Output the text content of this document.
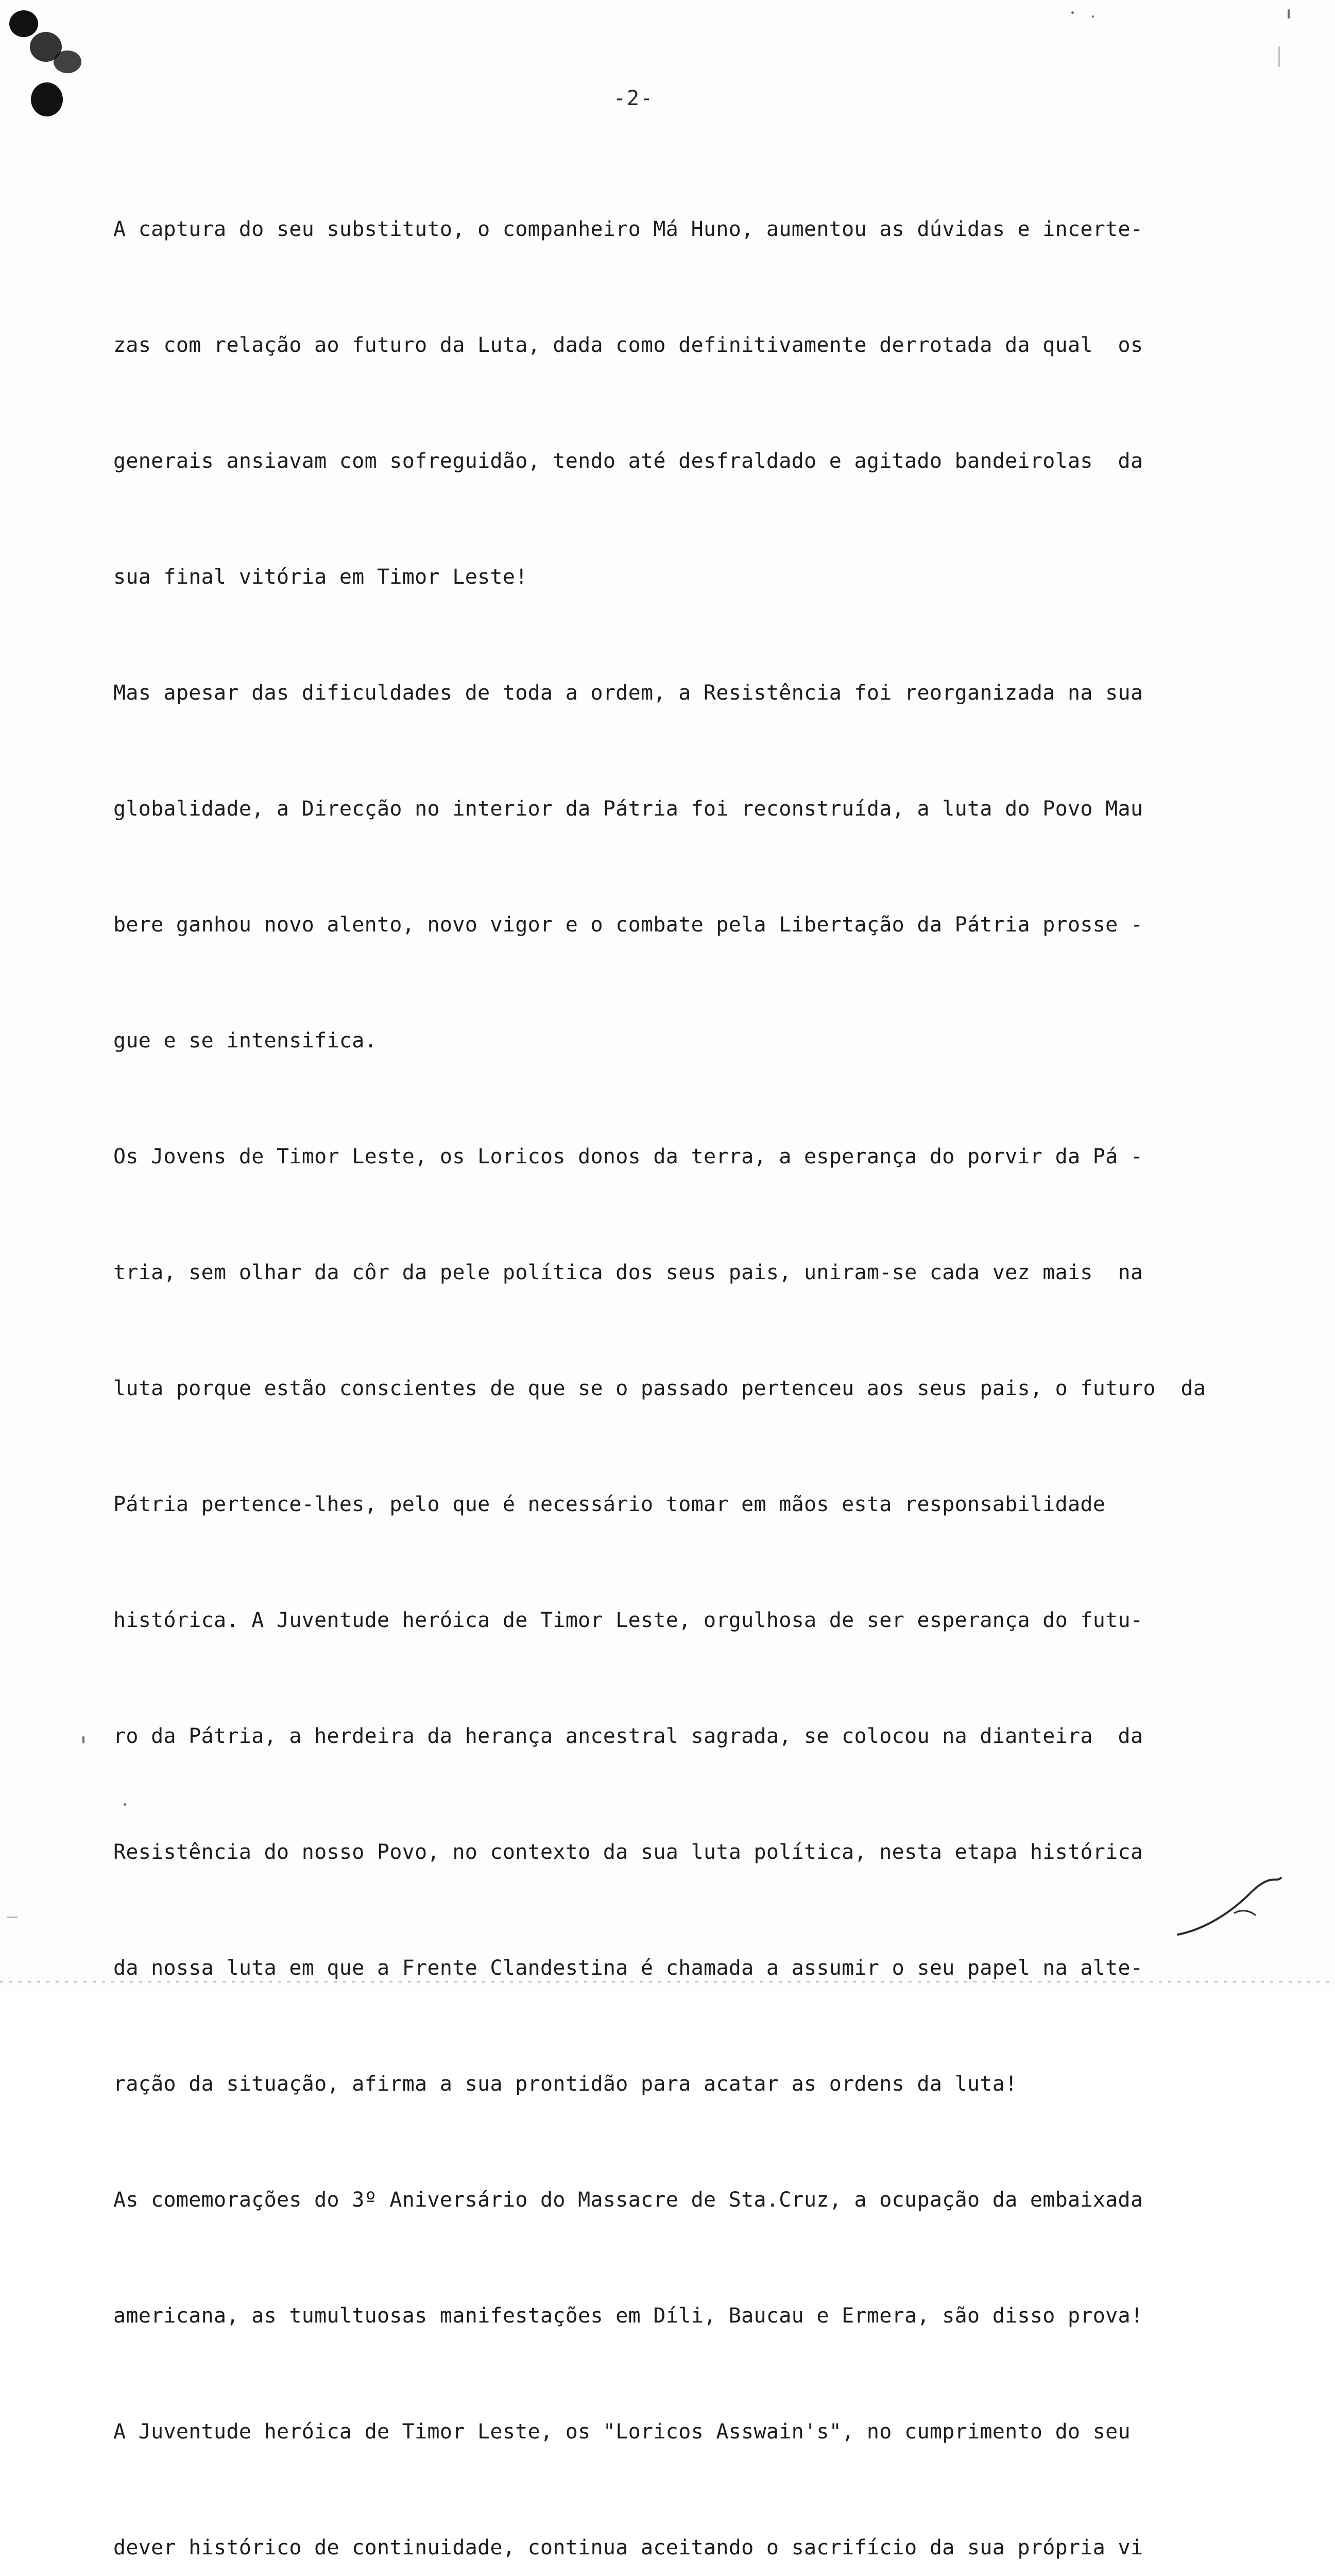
-2-

A captura do seu substituto, o companheiro Má Huno, aumentou as dúvidas e incerte-

zas com relação ao futuro da Luta, dada como definitivamente derrotada da qual  os

generais ansiavam com sofreguidão, tendo até desfraldado e agitado bandeirolas  da

sua final vitória em Timor Leste!

Mas apesar das dificuldades de toda a ordem, a Resistência foi reorganizada na sua

globalidade, a Direcção no interior da Pátria foi reconstruída, a luta do Povo Mau

bere ganhou novo alento, novo vigor e o combate pela Libertação da Pátria prosse -

gue e se intensifica.

Os Jovens de Timor Leste, os Loricos donos da terra, a esperança do porvir da Pá -

tria, sem olhar da côr da pele política dos seus pais, uniram-se cada vez mais  na

luta porque estão conscientes de que se o passado pertenceu aos seus pais, o futuro  da

Pátria pertence-lhes, pelo que é necessário tomar em mãos esta responsabilidade

histórica. A Juventude heróica de Timor Leste, orgulhosa de ser esperança do futu-

ro da Pátria, a herdeira da herança ancestral sagrada, se colocou na dianteira  da

Resistência do nosso Povo, no contexto da sua luta política, nesta etapa histórica

da nossa luta em que a Frente Clandestina é chamada a assumir o seu papel na alte-

ração da situação, afirma a sua prontidão para acatar as ordens da luta!

As comemorações do 3º Aniversário do Massacre de Sta.Cruz, a ocupação da embaixada

americana, as tumultuosas manifestações em Díli, Baucau e Ermera, são disso prova!

A Juventude heróica de Timor Leste, os "Loricos Asswain's", no cumprimento do seu

dever histórico de continuidade, continua aceitando o sacrifício da sua própria vi
